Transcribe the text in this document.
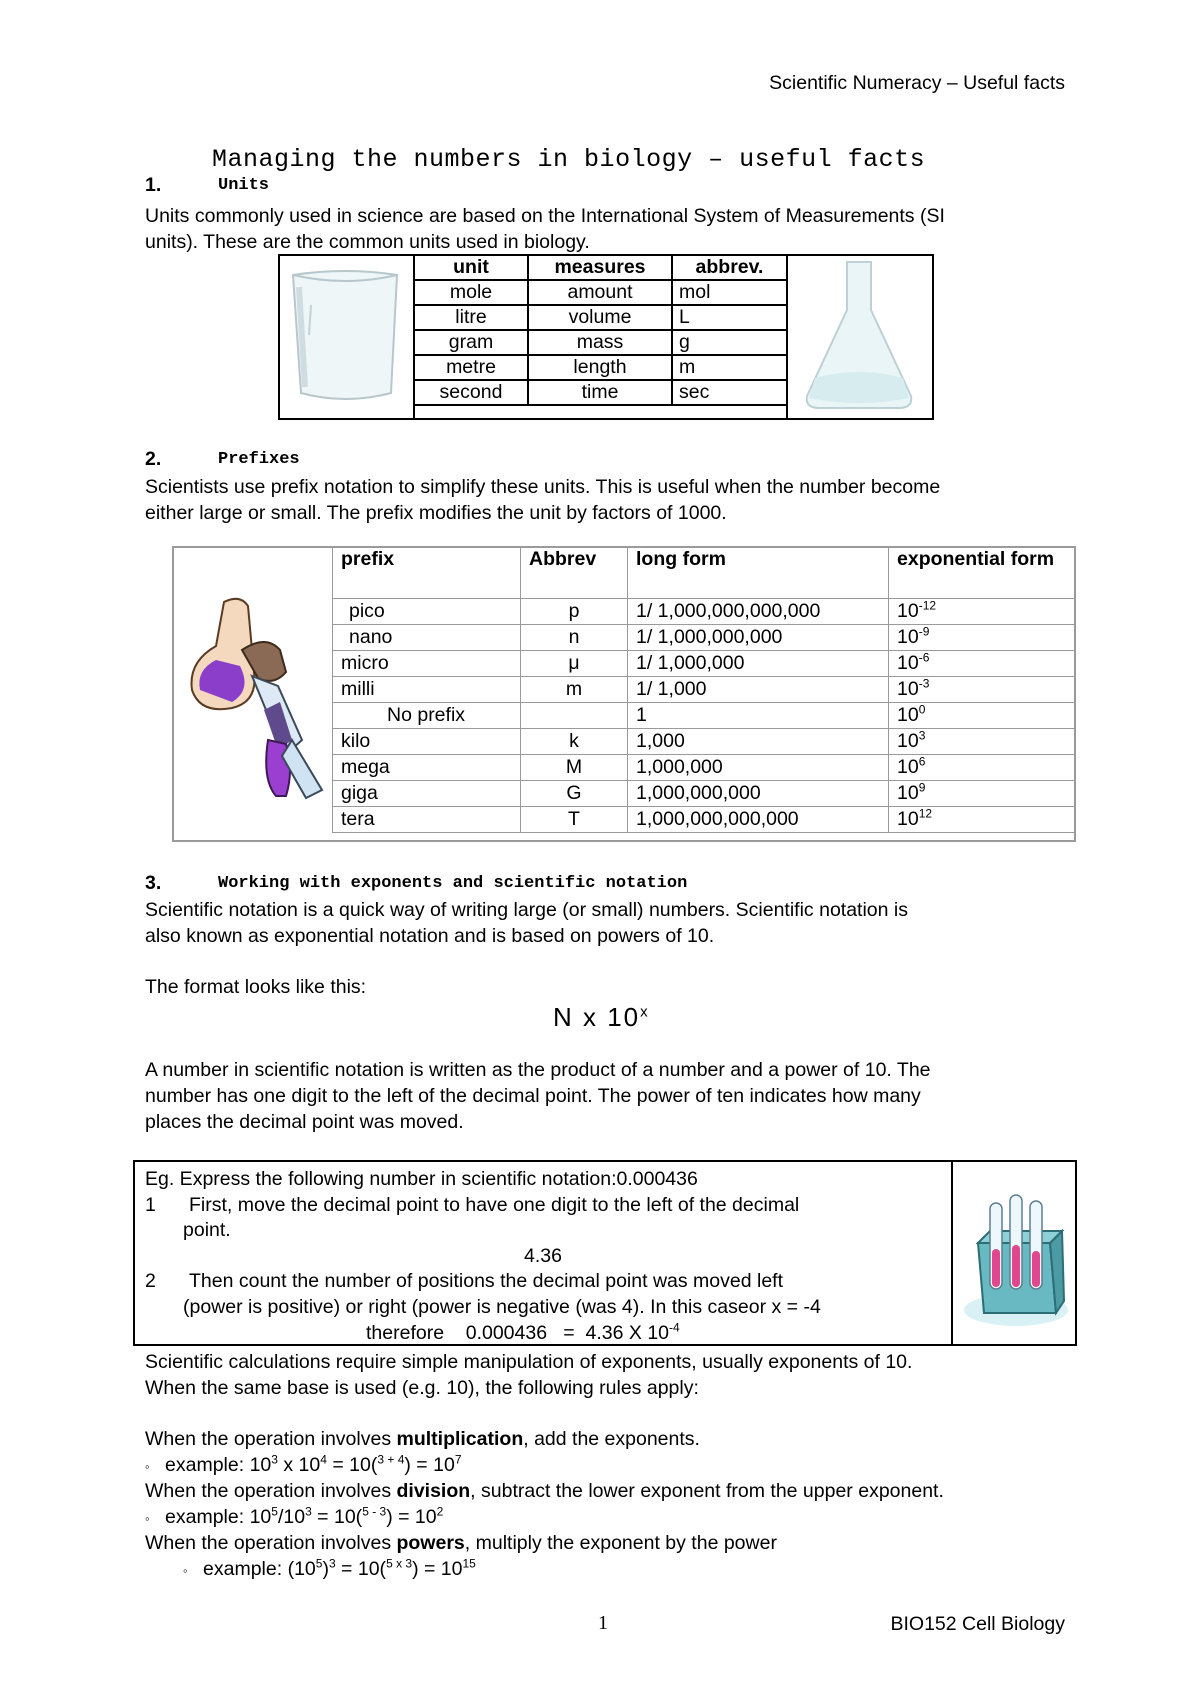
Scientific Numeracy – Useful facts
Managing the numbers in biology – useful facts
1.	Units
Units commonly used in science are based on the International System of Measurements (SI
units). These are the common units used in biology.
unit	measures	abbrev.
mole	amount	mol
litre	volume	L
gram	mass	g
metre	length	m
second	time	sec
2.	Prefixes
Scientists use prefix notation to simplify these units. This is useful when the number become
either large or small. The prefix modifies the unit by factors of 1000.
prefix	Abbrev	long form	exponential form
pico	p	1/ 1,000,000,000,000	$10^{-12}$
nano	n	1/ 1,000,000,000	$10^{-9}$
micro	μ	1/ 1,000,000	$10^{-6}$
milli	m	1/ 1,000	$10^{-3}$
No prefix		1	$10^0$
kilo	k	1,000	$10^3$
mega	M	1,000,000	$10^6$
giga	G	1,000,000,000	$10^9$
tera	T	1,000,000,000,000	$10^{12}$
3.	Working with exponents and scientific notation
Scientific notation is a quick way of writing large (or small) numbers. Scientific notation is
also known as exponential notation and is based on powers of 10.
The format looks like this:
N x 10$^x$
A number in scientific notation is written as the product of a number and a power of 10. The
number has one digit to the left of the decimal point. The power of ten indicates how many
places the decimal point was moved.
Eg. Express the following number in scientific notation:0.000436
1 First, move the decimal point to have one digit to the left of the decimal
point.
4.36
2 Then count the number of positions the decimal point was moved left
(power is positive) or right (power is negative (was 4). In this caseor x = -4
therefore    0.000436   =  4.36 X $10^{-4}$
Scientific calculations require simple manipulation of exponents, usually exponents of 10.
When the same base is used (e.g. 10), the following rules apply:
When the operation involves multiplication, add the exponents.
◦ example: $10^3$ x $10^4 = 10(^{3 + 4}) = 10^7$
When the operation involves division, subtract the lower exponent from the upper exponent.
◦ example: $10^5/10^3 = 10(^{5 - 3}) = 10^2$
When the operation involves powers, multiply the exponent by the power
◦ example: $(10^5)^3 = 10(^{5 x 3}) = 10^{15}$
1	BIO152 Cell Biology
